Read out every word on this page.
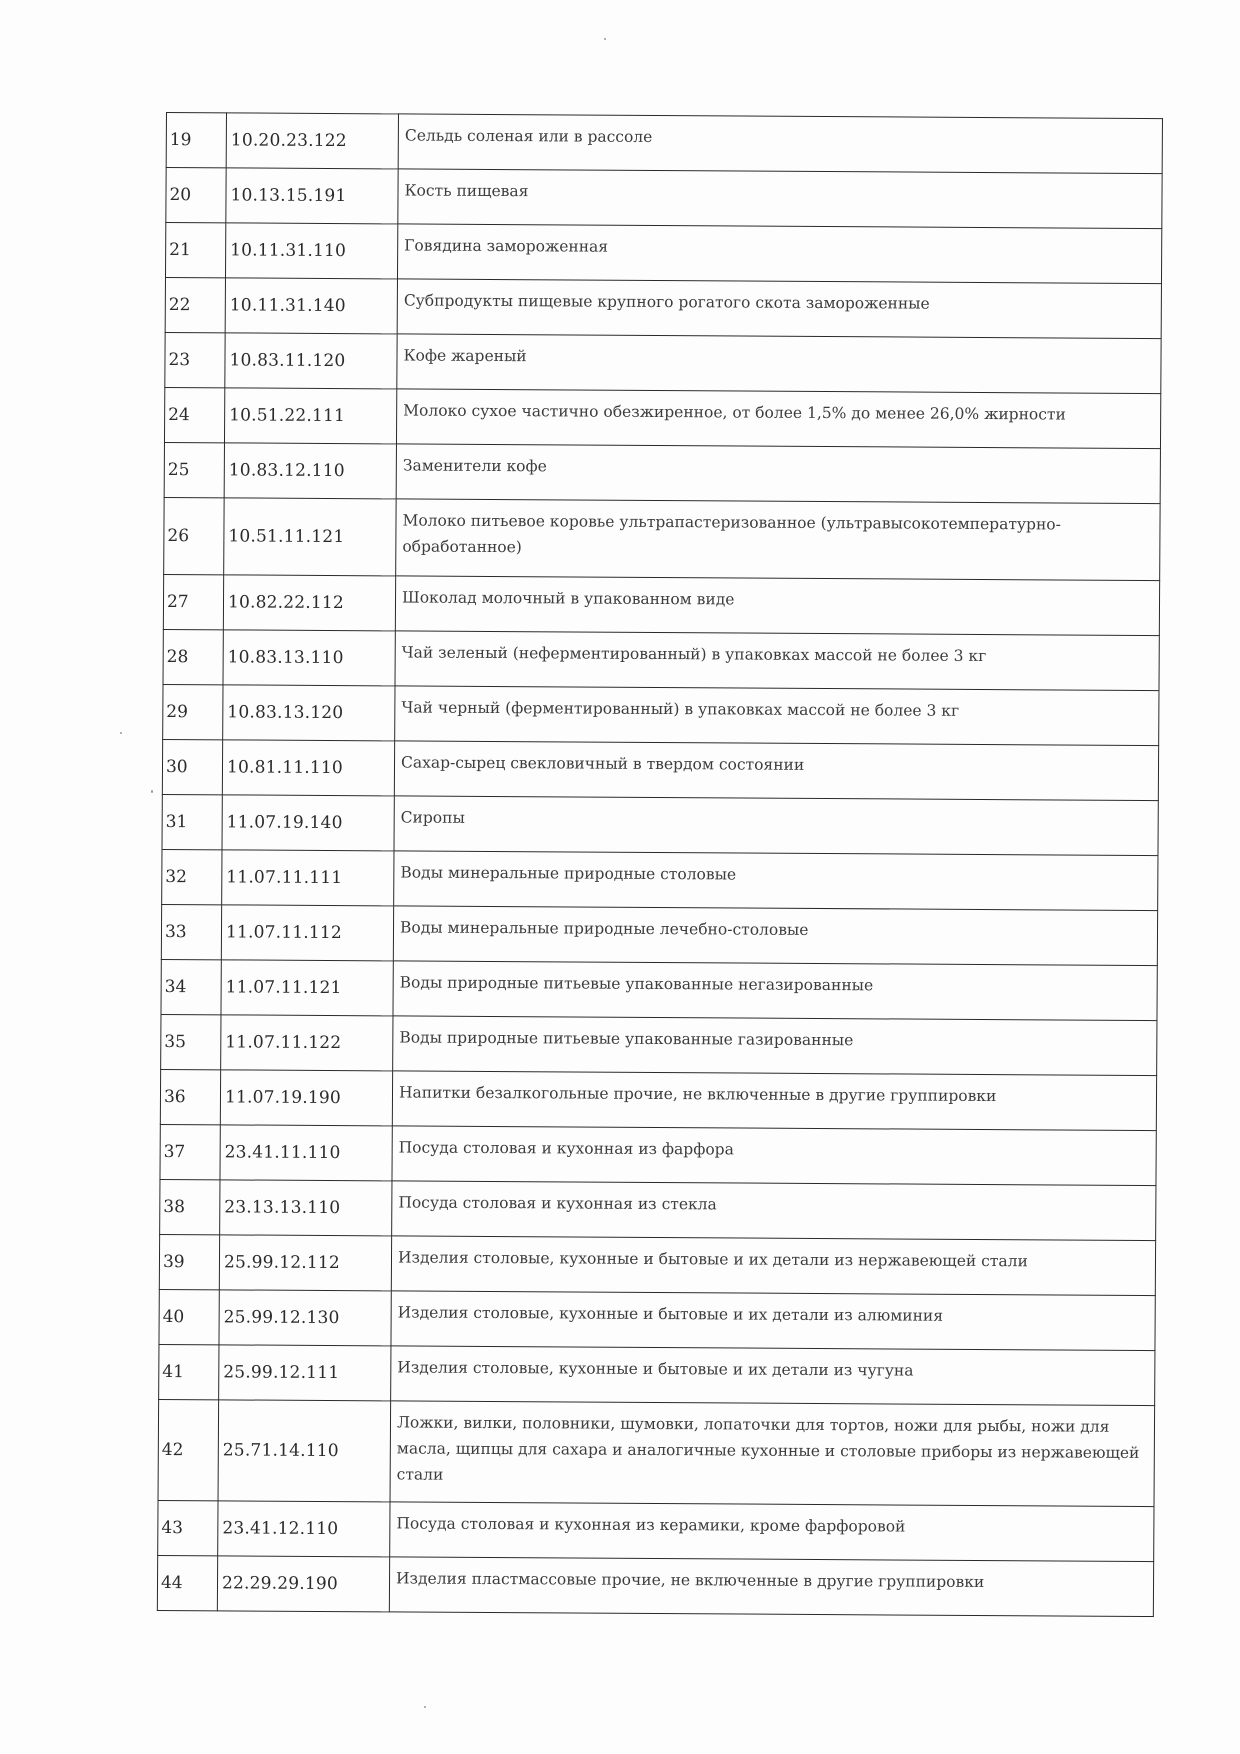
19	10.20.23.122	Сельдь соленая или в рассоле
20	10.13.15.191	Кость пищевая
21	10.11.31.110	Говядина замороженная
22	10.11.31.140	Субпродукты пищевые крупного рогатого скота замороженные
23	10.83.11.120	Кофе жареный
24	10.51.22.111	Молоко сухое частично обезжиренное, от более 1,5% до менее 26,0% жирности
25	10.83.12.110	Заменители кофе
26	10.51.11.121	Молоко питьевое коровье ультрапастеризованное (ультравысокотемпературно-обработанное)
27	10.82.22.112	Шоколад молочный в упакованном виде
28	10.83.13.110	Чай зеленый (неферментированный) в упаковках массой не более 3 кг
29	10.83.13.120	Чай черный (ферментированный) в упаковках массой не более 3 кг
30	10.81.11.110	Сахар-сырец свекловичный в твердом состоянии
31	11.07.19.140	Сиропы
32	11.07.11.111	Воды минеральные природные столовые
33	11.07.11.112	Воды минеральные природные лечебно-столовые
34	11.07.11.121	Воды природные питьевые упакованные негазированные
35	11.07.11.122	Воды природные питьевые упакованные газированные
36	11.07.19.190	Напитки безалкогольные прочие, не включенные в другие группировки
37	23.41.11.110	Посуда столовая и кухонная из фарфора
38	23.13.13.110	Посуда столовая и кухонная из стекла
39	25.99.12.112	Изделия столовые, кухонные и бытовые и их детали из нержавеющей стали
40	25.99.12.130	Изделия столовые, кухонные и бытовые и их детали из алюминия
41	25.99.12.111	Изделия столовые, кухонные и бытовые и их детали из чугуна
42	25.71.14.110	Ложки, вилки, половники, шумовки, лопаточки для тортов, ножи для рыбы, ножи для масла, щипцы для сахара и аналогичные кухонные и столовые приборы из нержавеющей стали
43	23.41.12.110	Посуда столовая и кухонная из керамики, кроме фарфоровой
44	22.29.29.190	Изделия пластмассовые прочие, не включенные в другие группировки
